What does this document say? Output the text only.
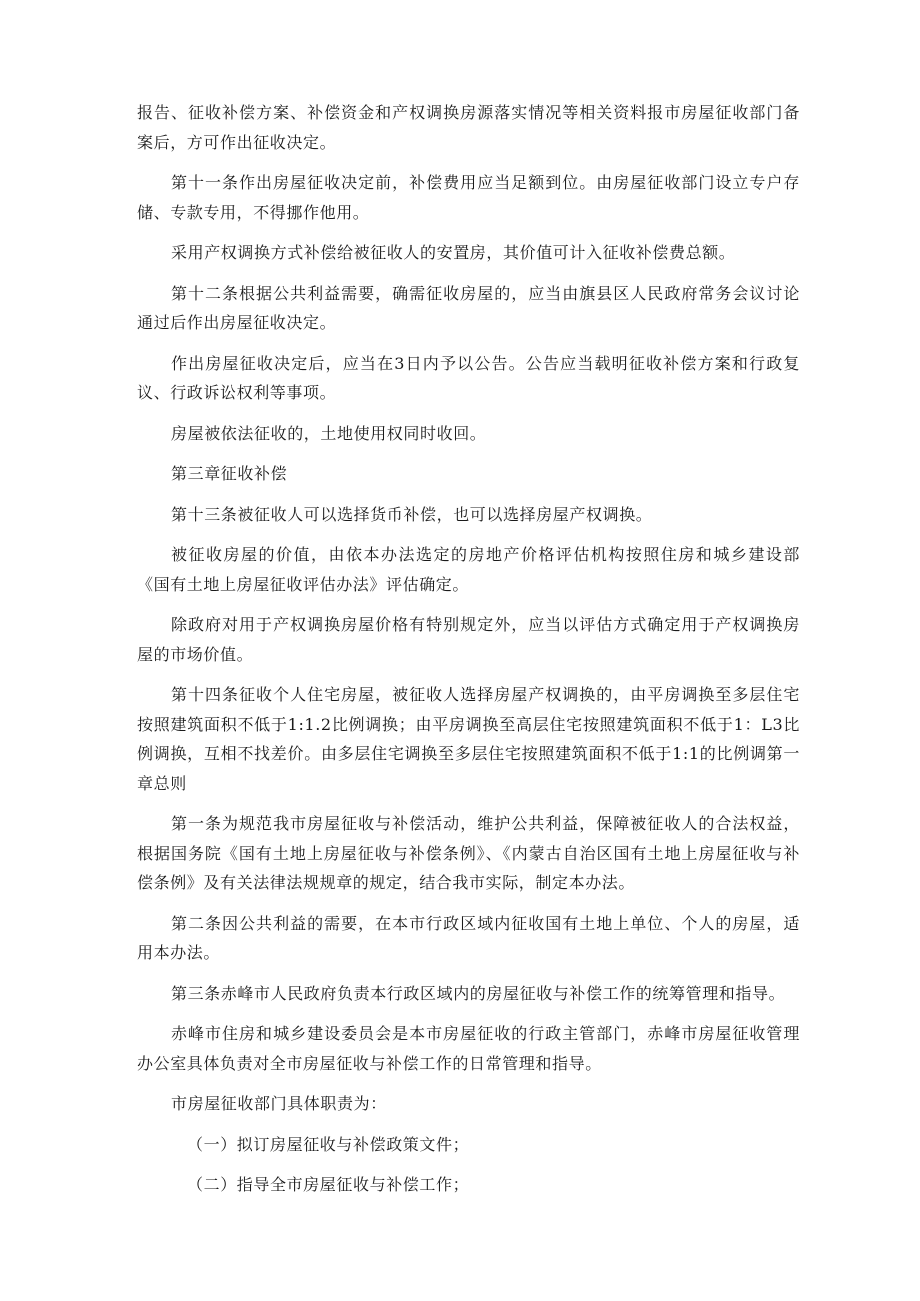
报告、征收补偿方案、补偿资金和产权调换房源落实情况等相关资料报市房屋征收部门备案后，方可作出征收决定。

第十一条作出房屋征收决定前，补偿费用应当足额到位。由房屋征收部门设立专户存储、专款专用，不得挪作他用。

采用产权调换方式补偿给被征收人的安置房，其价值可计入征收补偿费总额。

第十二条根据公共利益需要，确需征收房屋的，应当由旗县区人民政府常务会议讨论通过后作出房屋征收决定。

作出房屋征收决定后，应当在3日内予以公告。公告应当载明征收补偿方案和行政复议、行政诉讼权利等事项。

房屋被依法征收的，土地使用权同时收回。

第三章征收补偿

第十三条被征收人可以选择货币补偿，也可以选择房屋产权调换。

被征收房屋的价值，由依本办法选定的房地产价格评估机构按照住房和城乡建设部《国有土地上房屋征收评估办法》评估确定。

除政府对用于产权调换房屋价格有特别规定外，应当以评估方式确定用于产权调换房屋的市场价值。

第十四条征收个人住宅房屋，被征收人选择房屋产权调换的，由平房调换至多层住宅按照建筑面积不低于1:1.2比例调换；由平房调换至高层住宅按照建筑面积不低于1：L3比例调换，互相不找差价。由多层住宅调换至多层住宅按照建筑面积不低于1:1的比例调第一章总则

第一条为规范我市房屋征收与补偿活动，维护公共利益，保障被征收人的合法权益，根据国务院《国有土地上房屋征收与补偿条例》、《内蒙古自治区国有土地上房屋征收与补偿条例》及有关法律法规规章的规定，结合我市实际，制定本办法。

第二条因公共利益的需要，在本市行政区域内征收国有土地上单位、个人的房屋，适用本办法。

第三条赤峰市人民政府负责本行政区域内的房屋征收与补偿工作的统筹管理和指导。

赤峰市住房和城乡建设委员会是本市房屋征收的行政主管部门，赤峰市房屋征收管理办公室具体负责对全市房屋征收与补偿工作的日常管理和指导。

市房屋征收部门具体职责为：

（一）拟订房屋征收与补偿政策文件；

（二）指导全市房屋征收与补偿工作；
